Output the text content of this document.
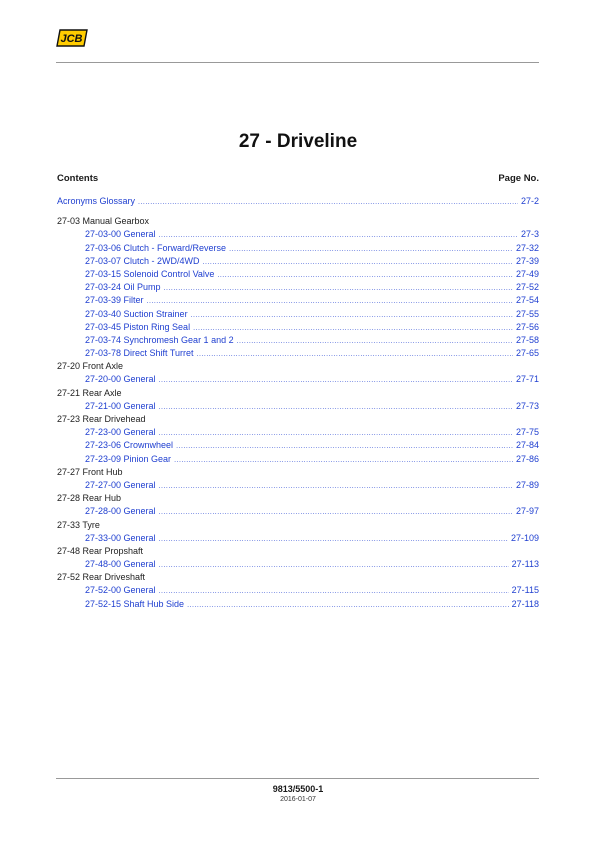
JCB
27 - Driveline
Contents	Page No.
Acronyms Glossary .....	27-2
27-03 Manual Gearbox
27-03-00 General .....	27-3
27-03-06 Clutch - Forward/Reverse .....	27-32
27-03-07 Clutch - 2WD/4WD .....	27-39
27-03-15 Solenoid Control Valve .....	27-49
27-03-24 Oil Pump .....	27-52
27-03-39 Filter .....	27-54
27-03-40 Suction Strainer .....	27-55
27-03-45 Piston Ring Seal .....	27-56
27-03-74 Synchromesh Gear 1 and 2 .....	27-58
27-03-78 Direct Shift Turret .....	27-65
27-20 Front Axle
27-20-00 General .....	27-71
27-21 Rear Axle
27-21-00 General .....	27-73
27-23 Rear Drivehead
27-23-00 General .....	27-75
27-23-06 Crownwheel .....	27-84
27-23-09 Pinion Gear .....	27-86
27-27 Front Hub
27-27-00 General .....	27-89
27-28 Rear Hub
27-28-00 General .....	27-97
27-33 Tyre
27-33-00 General .....	27-109
27-48 Rear Propshaft
27-48-00 General .....	27-113
27-52 Rear Driveshaft
27-52-00 General .....	27-115
27-52-15 Shaft Hub Side .....	27-118
9813/5500-1
2016-01-07
